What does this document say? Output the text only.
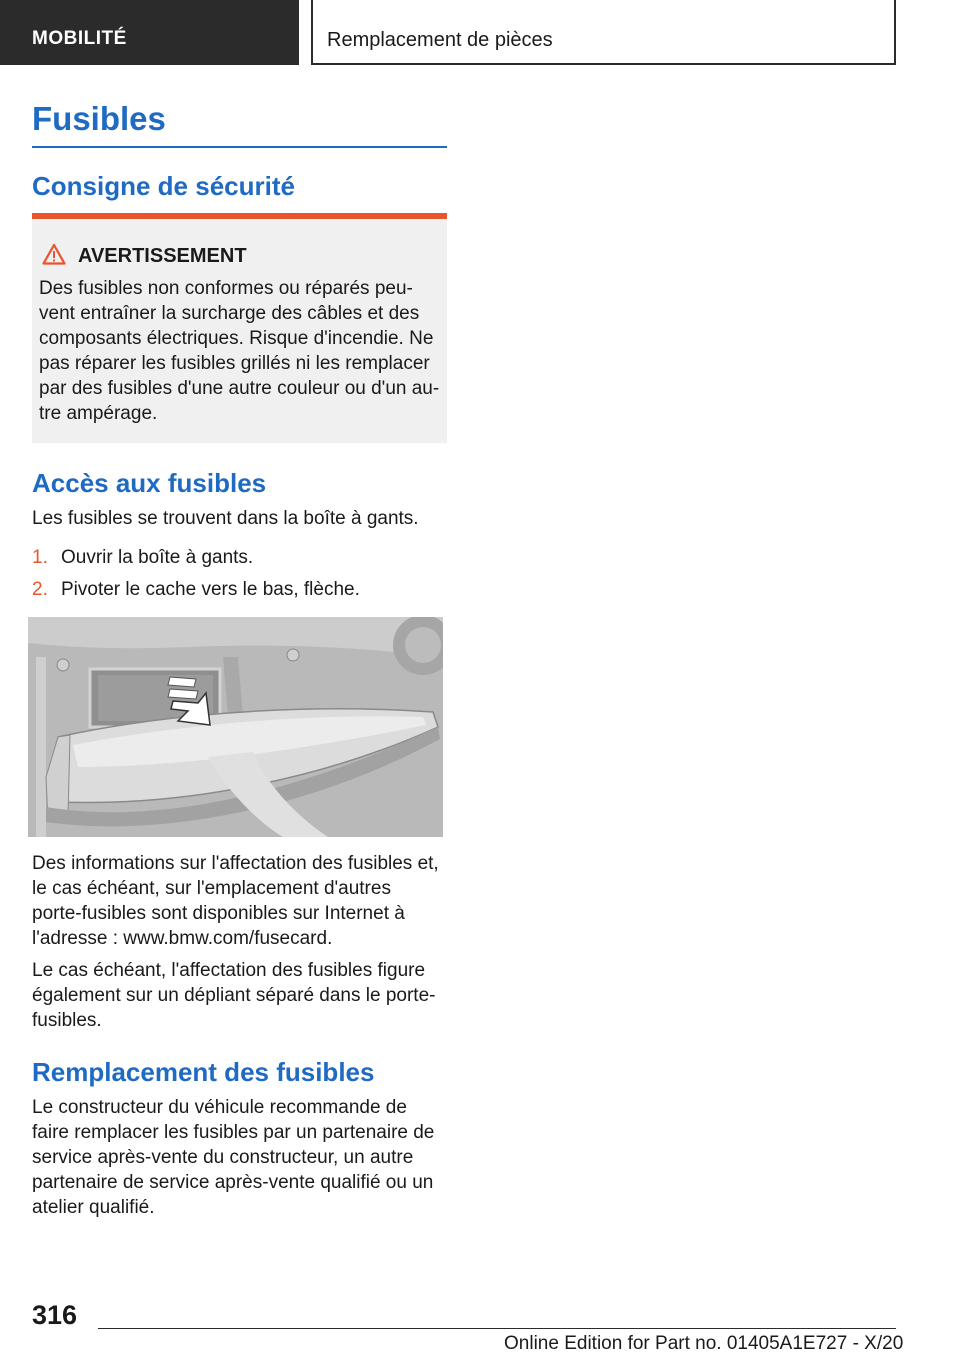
MOBILITÉ	Remplacement de pièces
Fusibles
Consigne de sécurité
AVERTISSEMENT
Des fusibles non conformes ou réparés peu-
vent entraîner la surcharge des câbles et des
composants électriques. Risque d'incendie. Ne
pas réparer les fusibles grillés ni les remplacer
par des fusibles d'une autre couleur ou d'un au-
tre ampérage.
Accès aux fusibles

Les fusibles se trouvent dans la boîte à gants.

1. Ouvrir la boîte à gants.
2. Pivoter le cache vers le bas, flèche.

Des informations sur l'affectation des fusibles et,
le cas échéant, sur l'emplacement d'autres
porte-fusibles sont disponibles sur Internet à
l'adresse : www.bmw.com/fusecard.

Le cas échéant, l'affectation des fusibles figure
également sur un dépliant séparé dans le porte-
fusibles.

Remplacement des fusibles

Le constructeur du véhicule recommande de
faire remplacer les fusibles par un partenaire de
service après-vente du constructeur, un autre
partenaire de service après-vente qualifié ou un
atelier qualifié.

316
Online Edition for Part no. 01405A1E727 - X/20
